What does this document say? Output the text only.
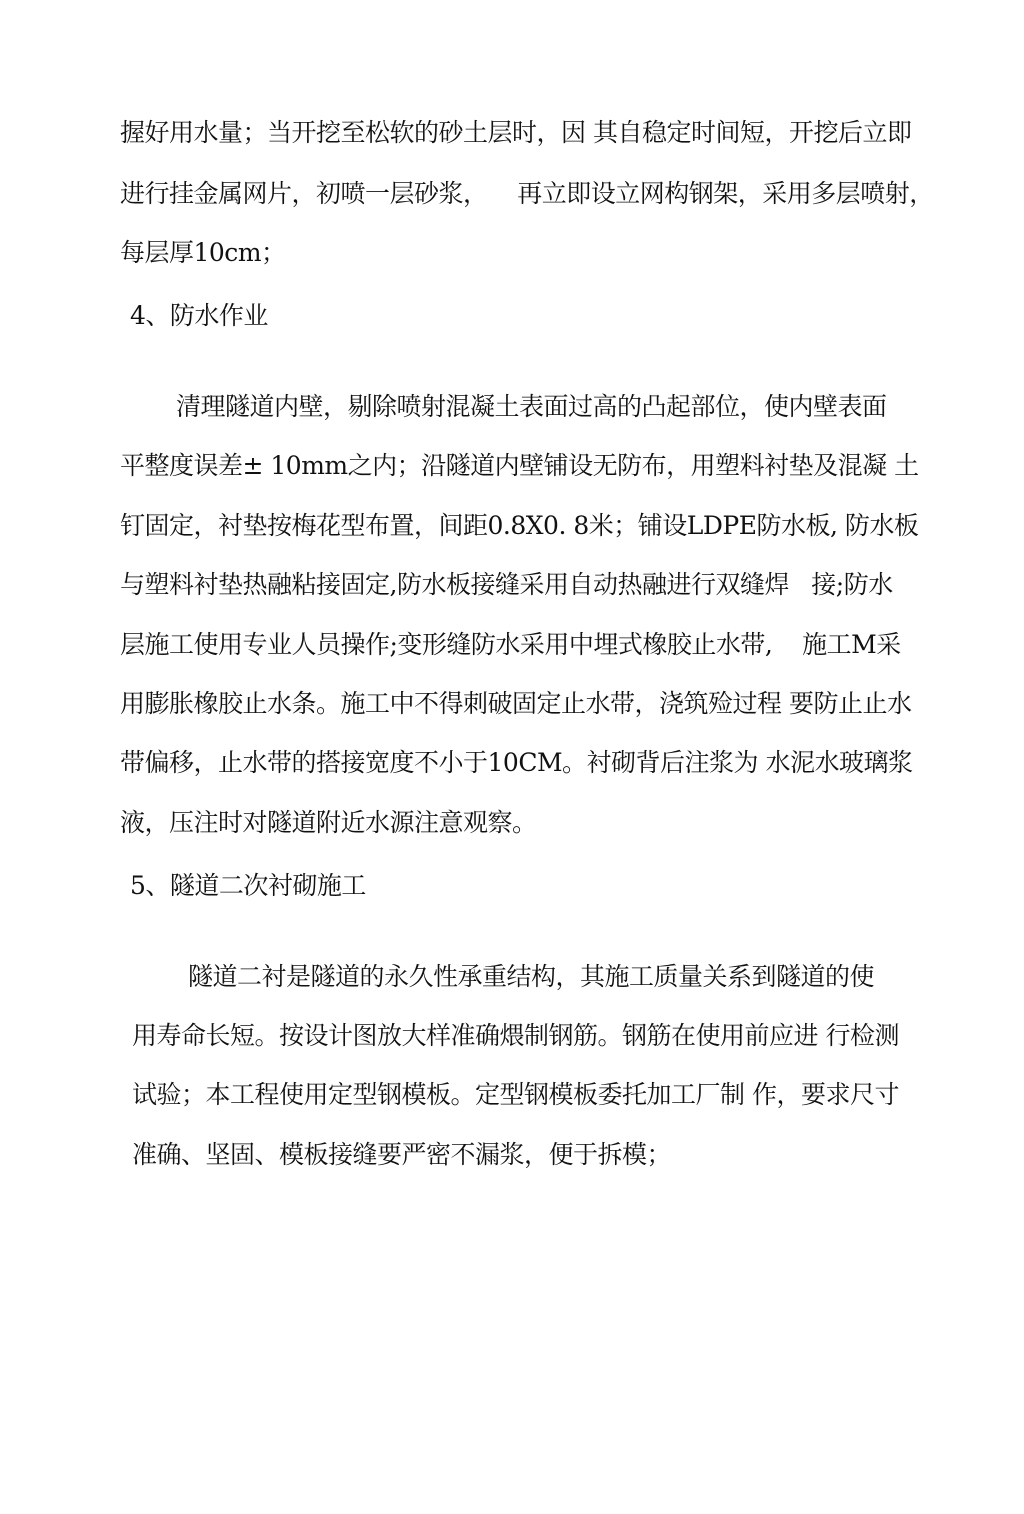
握好用水量；当开挖至松软的砂土层时，因 其自稳定时间短，开挖后立即
进行挂金属网片，初喷一层砂浆，    再立即设立网构钢架，采用多层喷射，
每层厚10cm；
4、防水作业
清理隧道内壁，剔除喷射混凝土表面过高的凸起部位，使内壁表面
平整度误差± 10mm之内；沿隧道内壁铺设无防布，用塑料衬垫及混凝 土
钉固定，衬垫按梅花型布置，间距0.8X0. 8米；铺设LDPE防水板, 防水板
与塑料衬垫热融粘接固定,防水板接缝采用自动热融进行双缝焊   接;防水
层施工使用专业人员操作;变形缝防水采用中埋式橡胶止水带,    施工M采
用膨胀橡胶止水条。施工中不得刺破固定止水带，浇筑殓过程 要防止止水
带偏移，止水带的搭接宽度不小于10CM。衬砌背后注浆为 水泥水玻璃浆
液，压注时对隧道附近水源注意观察。
5、隧道二次衬砌施工
隧道二衬是隧道的永久性承重结构，其施工质量关系到隧道的使
用寿命长短。按设计图放大样准确煨制钢筋。钢筋在使用前应进 行检测
试验；本工程使用定型钢模板。定型钢模板委托加工厂制 作，要求尺寸
准确、坚固、模板接缝要严密不漏浆，便于拆模；
